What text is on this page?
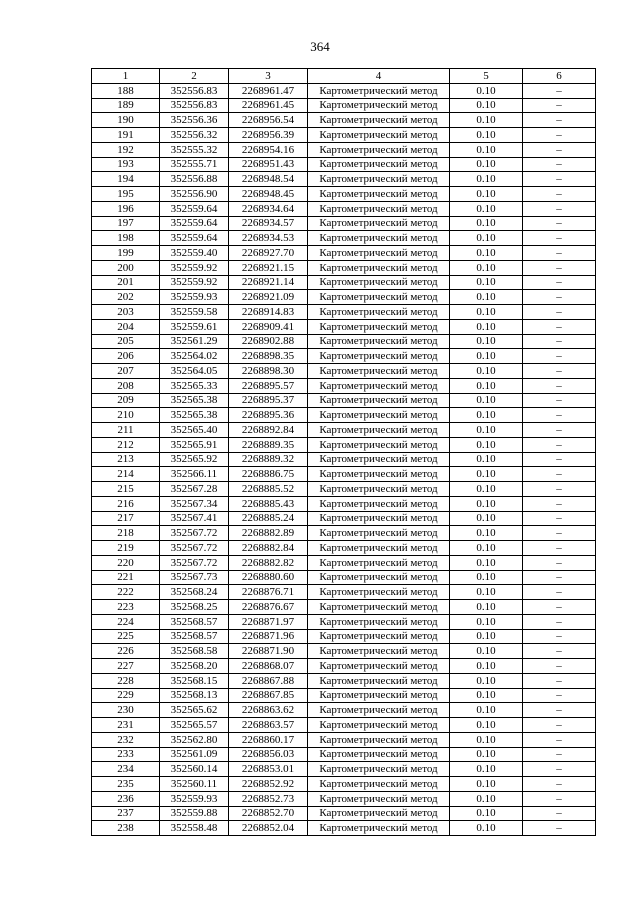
364
1	2	3	4	5	6
188	352556.83	2268961.47	Картометрический метод	0.10	–
189	352556.83	2268961.45	Картометрический метод	0.10	–
190	352556.36	2268956.54	Картометрический метод	0.10	–
191	352556.32	2268956.39	Картометрический метод	0.10	–
192	352555.32	2268954.16	Картометрический метод	0.10	–
193	352555.71	2268951.43	Картометрический метод	0.10	–
194	352556.88	2268948.54	Картометрический метод	0.10	–
195	352556.90	2268948.45	Картометрический метод	0.10	–
196	352559.64	2268934.64	Картометрический метод	0.10	–
197	352559.64	2268934.57	Картометрический метод	0.10	–
198	352559.64	2268934.53	Картометрический метод	0.10	–
199	352559.40	2268927.70	Картометрический метод	0.10	–
200	352559.92	2268921.15	Картометрический метод	0.10	–
201	352559.92	2268921.14	Картометрический метод	0.10	–
202	352559.93	2268921.09	Картометрический метод	0.10	–
203	352559.58	2268914.83	Картометрический метод	0.10	–
204	352559.61	2268909.41	Картометрический метод	0.10	–
205	352561.29	2268902.88	Картометрический метод	0.10	–
206	352564.02	2268898.35	Картометрический метод	0.10	–
207	352564.05	2268898.30	Картометрический метод	0.10	–
208	352565.33	2268895.57	Картометрический метод	0.10	–
209	352565.38	2268895.37	Картометрический метод	0.10	–
210	352565.38	2268895.36	Картометрический метод	0.10	–
211	352565.40	2268892.84	Картометрический метод	0.10	–
212	352565.91	2268889.35	Картометрический метод	0.10	–
213	352565.92	2268889.32	Картометрический метод	0.10	–
214	352566.11	2268886.75	Картометрический метод	0.10	–
215	352567.28	2268885.52	Картометрический метод	0.10	–
216	352567.34	2268885.43	Картометрический метод	0.10	–
217	352567.41	2268885.24	Картометрический метод	0.10	–
218	352567.72	2268882.89	Картометрический метод	0.10	–
219	352567.72	2268882.84	Картометрический метод	0.10	–
220	352567.72	2268882.82	Картометрический метод	0.10	–
221	352567.73	2268880.60	Картометрический метод	0.10	–
222	352568.24	2268876.71	Картометрический метод	0.10	–
223	352568.25	2268876.67	Картометрический метод	0.10	–
224	352568.57	2268871.97	Картометрический метод	0.10	–
225	352568.57	2268871.96	Картометрический метод	0.10	–
226	352568.58	2268871.90	Картометрический метод	0.10	–
227	352568.20	2268868.07	Картометрический метод	0.10	–
228	352568.15	2268867.88	Картометрический метод	0.10	–
229	352568.13	2268867.85	Картометрический метод	0.10	–
230	352565.62	2268863.62	Картометрический метод	0.10	–
231	352565.57	2268863.57	Картометрический метод	0.10	–
232	352562.80	2268860.17	Картометрический метод	0.10	–
233	352561.09	2268856.03	Картометрический метод	0.10	–
234	352560.14	2268853.01	Картометрический метод	0.10	–
235	352560.11	2268852.92	Картометрический метод	0.10	–
236	352559.93	2268852.73	Картометрический метод	0.10	–
237	352559.88	2268852.70	Картометрический метод	0.10	–
238	352558.48	2268852.04	Картометрический метод	0.10	–
